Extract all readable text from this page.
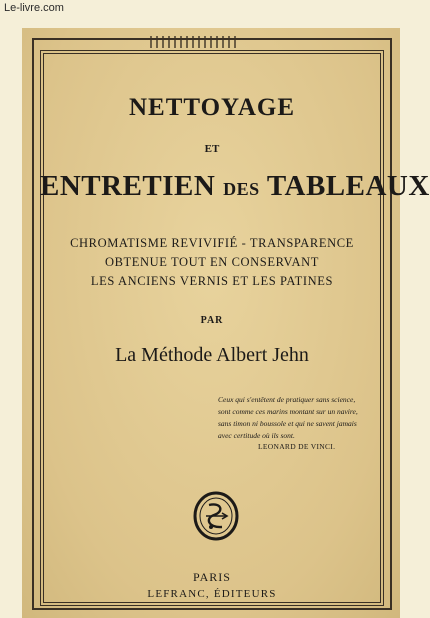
Le-livre.com
NETTOYAGE
ET
ENTRETIEN DES TABLEAUX
CHROMATISME REVIVIFIÉ - TRANSPARENCE
OBTENUE TOUT EN CONSERVANT
LES ANCIENS VERNIS ET LES PATINES
PAR
La Méthode Albert Jehn
Ceux qui s'entêtent de pratiquer sans science, sont comme ces marins montant sur un navire, sans timon ni boussole et qui ne savent jamais avec certitude où ils sont.
LEONARD DE VINCI.
PARIS
LEFRANC, ÉDITEURS
